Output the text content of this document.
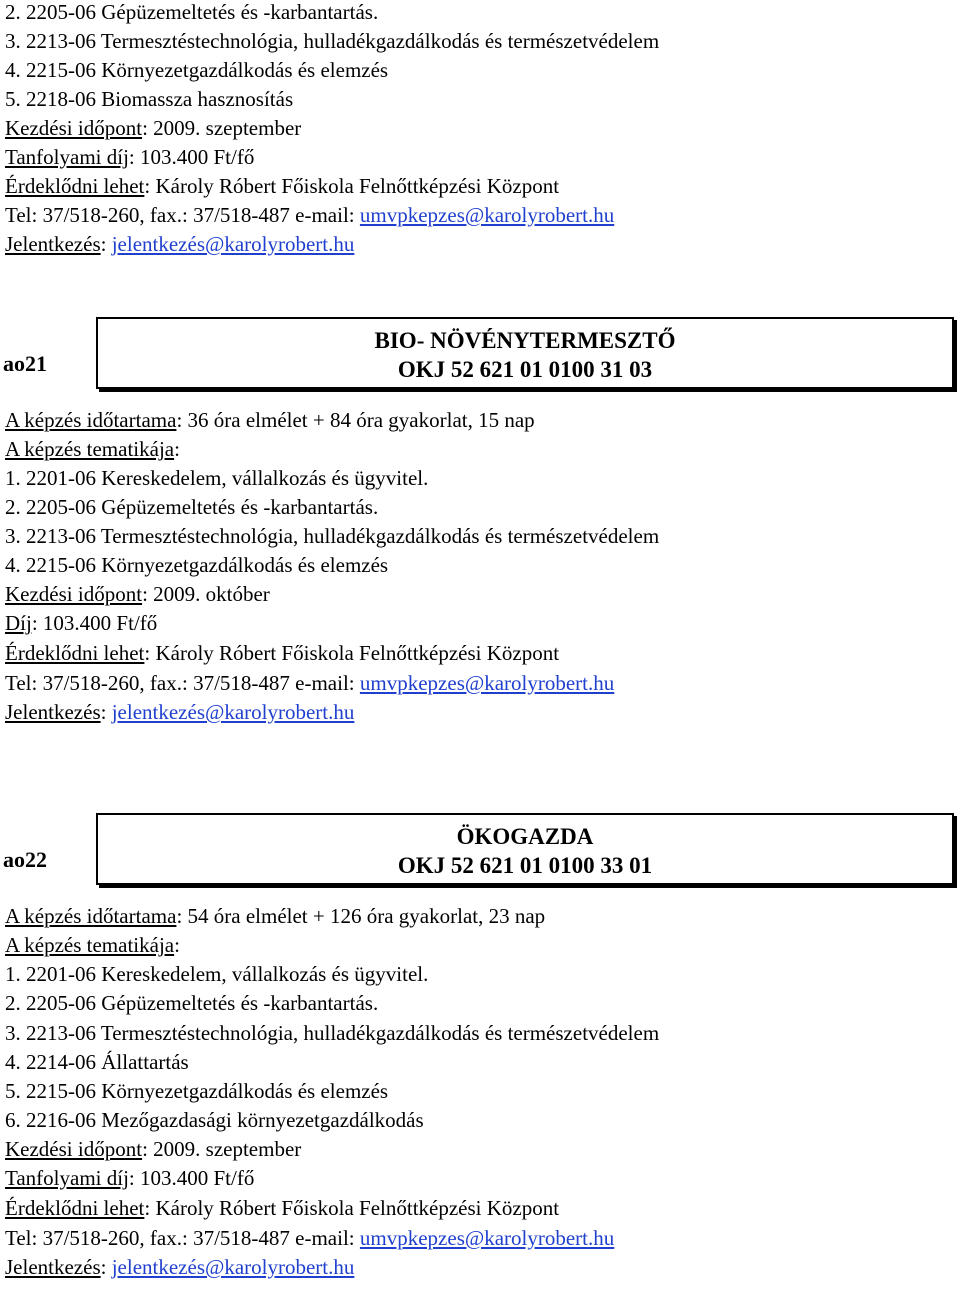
2. 2205-06 Gépüzemeltetés és -karbantartás.
3. 2213-06 Termesztéstechnológia, hulladékgazdálkodás és természetvédelem
4. 2215-06 Környezetgazdálkodás és elemzés
5. 2218-06 Biomassza hasznosítás
Kezdési időpont: 2009. szeptember
Tanfolyami díj: 103.400 Ft/fő
Érdeklődni lehet: Károly Róbert Főiskola Felnőttképzési Központ
Tel: 37/518-260, fax.: 37/518-487 e-mail: umvpkepzes@karolyrobert.hu
Jelentkezés: jelentkezés@karolyrobert.hu
ao21
BIO- NÖVÉNYTERMESZTŐ
OKJ 52 621 01 0100 31 03
A képzés időtartama: 36 óra elmélet + 84 óra gyakorlat, 15 nap
A képzés tematikája:
1. 2201-06 Kereskedelem, vállalkozás és ügyvitel.
2. 2205-06 Gépüzemeltetés és -karbantartás.
3. 2213-06 Termesztéstechnológia, hulladékgazdálkodás és természetvédelem
4. 2215-06 Környezetgazdálkodás és elemzés
Kezdési időpont: 2009. október
Díj: 103.400 Ft/fő
Érdeklődni lehet: Károly Róbert Főiskola Felnőttképzési Központ
Tel: 37/518-260, fax.: 37/518-487 e-mail: umvpkepzes@karolyrobert.hu
Jelentkezés: jelentkezés@karolyrobert.hu
ao22
ÖKOGAZDA
OKJ 52 621 01 0100 33 01
A képzés időtartama: 54 óra elmélet + 126 óra gyakorlat, 23 nap
A képzés tematikája:
1. 2201-06 Kereskedelem, vállalkozás és ügyvitel.
2. 2205-06 Gépüzemeltetés és -karbantartás.
3. 2213-06 Termesztéstechnológia, hulladékgazdálkodás és természetvédelem
4. 2214-06 Állattartás
5. 2215-06 Környezetgazdálkodás és elemzés
6. 2216-06 Mezőgazdasági környezetgazdálkodás
Kezdési időpont: 2009. szeptember
Tanfolyami díj: 103.400 Ft/fő
Érdeklődni lehet: Károly Róbert Főiskola Felnőttképzési Központ
Tel: 37/518-260, fax.: 37/518-487 e-mail: umvpkepzes@karolyrobert.hu
Jelentkezés: jelentkezés@karolyrobert.hu
